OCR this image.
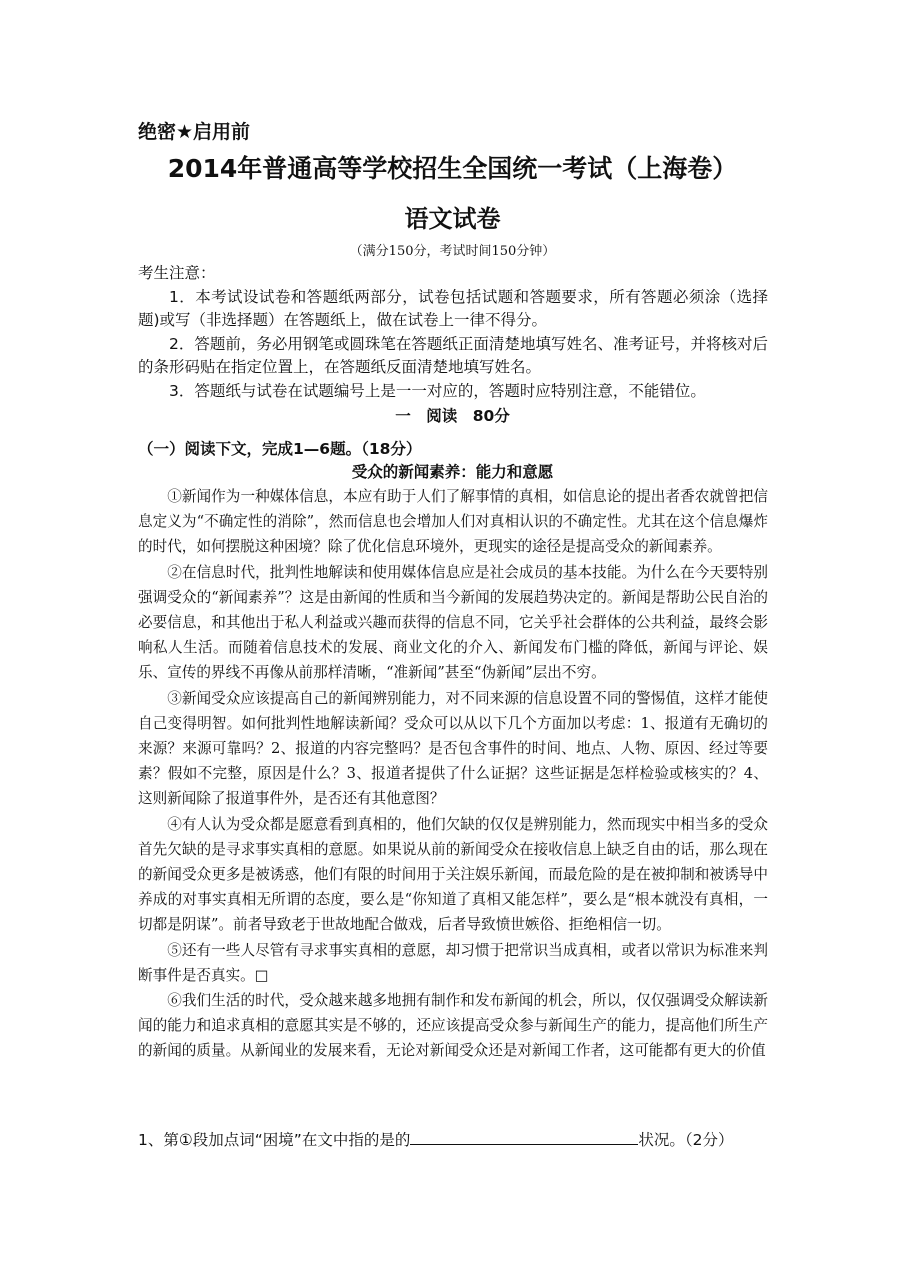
绝密★启用前
2014年普通高等学校招生全国统一考试（上海卷）
语文试卷
（满分150分，考试时间150分钟）

考生注意：

1．本考试设试卷和答题纸两部分，试卷包括试题和答题要求，所有答题必须涂（选择题)或写（非选择题）在答题纸上，做在试卷上一律不得分。

2．答题前，务必用钢笔或圆珠笔在答题纸正面清楚地填写姓名、准考证号，并将核对后的条形码贴在指定位置上，在答题纸反面清楚地填写姓名。

3．答题纸与试卷在试题编号上是一一对应的，答题时应特别注意，不能错位。

一　阅读　80分
（一）阅读下文，完成1—6题。（18分）
受众的新闻素养：能力和意愿

①新闻作为一种媒体信息，本应有助于人们了解事情的真相，如信息论的提出者香农就曾把信息定义为“不确定性的消除”，然而信息也会增加人们对真相认识的不确定性。尤其在这个信息爆炸的时代，如何摆脱这种困境？除了优化信息环境外，更现实的途径是提高受众的新闻素养。

②在信息时代，批判性地解读和使用媒体信息应是社会成员的基本技能。为什么在今天要特别强调受众的“新闻素养”？这是由新闻的性质和当今新闻的发展趋势决定的。新闻是帮助公民自治的必要信息，和其他出于私人利益或兴趣而获得的信息不同，它关乎社会群体的公共利益，最终会影响私人生活。而随着信息技术的发展、商业文化的介入、新闻发布门槛的降低，新闻与评论、娱乐、宣传的界线不再像从前那样清晰，“准新闻”甚至“伪新闻”层出不穷。

③新闻受众应该提高自己的新闻辨别能力，对不同来源的信息设置不同的警惕值，这样才能使自己变得明智。如何批判性地解读新闻？受众可以从以下几个方面加以考虑：1、报道有无确切的来源？来源可靠吗？2、报道的内容完整吗？是否包含事件的时间、地点、人物、原因、经过等要素？假如不完整，原因是什么？3、报道者提供了什么证据？这些证据是怎样检验或核实的？4、这则新闻除了报道事件外，是否还有其他意图？

④有人认为受众都是愿意看到真相的，他们欠缺的仅仅是辨别能力，然而现实中相当多的受众首先欠缺的是寻求事实真相的意愿。如果说从前的新闻受众在接收信息上缺乏自由的话，那么现在的新闻受众更多是被诱惑，他们有限的时间用于关注娱乐新闻，而最危险的是在被抑制和被诱导中养成的对事实真相无所谓的态度，要么是“你知道了真相又能怎样”，要么是“根本就没有真相，一切都是阴谋”。前者导致老于世故地配合做戏，后者导致愤世嫉俗、拒绝相信一切。

⑤还有一些人尽管有寻求事实真相的意愿，却习惯于把常识当成真相，或者以常识为标准来判断事件是否真实。□

⑥我们生活的时代，受众越来越多地拥有制作和发布新闻的机会，所以，仅仅强调受众解读新闻的能力和追求真相的意愿其实是不够的，还应该提高受众参与新闻生产的能力，提高他们所生产的新闻的质量。从新闻业的发展来看，无论对新闻受众还是对新闻工作者，这可能都有更大的价值

1、第①段加点词“困境”在文中指的是的	状况。（2分）
